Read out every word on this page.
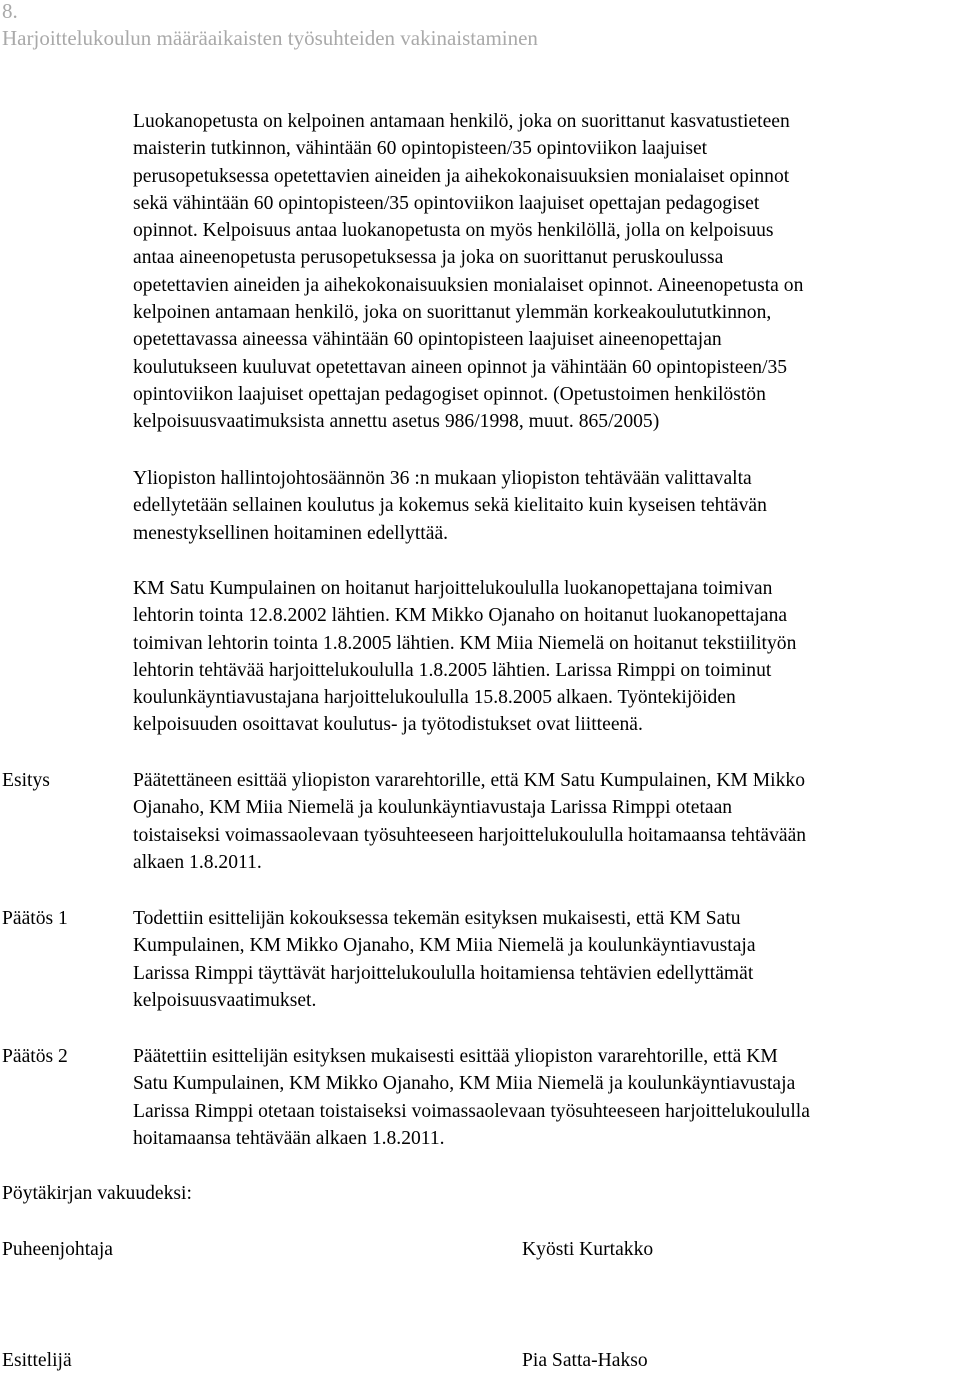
8.
Harjoittelukoulun määräaikaisten työsuhteiden vakinaistaminen
Luokanopetusta on kelpoinen antamaan henkilö, joka on suorittanut kasvatustieteen
maisterin tutkinnon, vähintään 60 opintopisteen/35 opintoviikon laajuiset
perusopetuksessa opetettavien aineiden ja aihekokonaisuuksien monialaiset opinnot
sekä vähintään 60 opintopisteen/35 opintoviikon laajuiset opettajan pedagogiset
opinnot. Kelpoisuus antaa luokanopetusta on myös henkilöllä, jolla on kelpoisuus
antaa aineenopetusta perusopetuksessa ja joka on suorittanut peruskoulussa
opetettavien aineiden ja aihekokonaisuuksien monialaiset opinnot. Aineenopetusta on
kelpoinen antamaan henkilö, joka on suorittanut ylemmän korkeakoulututkinnon,
opetettavassa aineessa vähintään 60 opintopisteen laajuiset aineenopettajan
koulutukseen kuuluvat opetettavan aineen opinnot ja vähintään 60 opintopisteen/35
opintoviikon laajuiset opettajan pedagogiset opinnot. (Opetustoimen henkilöstön
kelpoisuusvaatimuksista annettu asetus 986/1998, muut. 865/2005)
Yliopiston hallintojohtosäännön 36 :n mukaan yliopiston tehtävään valittavalta
edellytetään sellainen koulutus ja kokemus sekä kielitaito kuin kyseisen tehtävän
menestyksellinen hoitaminen edellyttää.
KM Satu Kumpulainen on hoitanut harjoittelukoululla luokanopettajana toimivan
lehtorin tointa 12.8.2002 lähtien. KM Mikko Ojanaho on hoitanut luokanopettajana
toimivan lehtorin tointa 1.8.2005 lähtien. KM Miia Niemelä on hoitanut tekstiilityön
lehtorin tehtävää harjoittelukoululla 1.8.2005 lähtien. Larissa Rimppi on toiminut
koulunkäyntiavustajana harjoittelukoululla 15.8.2005 alkaen. Työntekijöiden
kelpoisuuden osoittavat koulutus- ja työtodistukset ovat liitteenä.
Esitys	Päätettäneen esittää yliopiston vararehtorille, että KM Satu Kumpulainen, KM Mikko
Ojanaho, KM Miia Niemelä ja koulunkäyntiavustaja Larissa Rimppi otetaan
toistaiseksi voimassaolevaan työsuhteeseen harjoittelukoululla hoitamaansa tehtävään
alkaen 1.8.2011.
Päätös 1	Todettiin esittelijän kokouksessa tekemän esityksen mukaisesti, että KM Satu
Kumpulainen, KM Mikko Ojanaho, KM Miia Niemelä ja koulunkäyntiavustaja
Larissa Rimppi täyttävät harjoittelukoululla hoitamiensa tehtävien edellyttämät
kelpoisuusvaatimukset.
Päätös 2	Päätettiin esittelijän esityksen mukaisesti esittää yliopiston vararehtorille, että KM
Satu Kumpulainen, KM Mikko Ojanaho, KM Miia Niemelä ja koulunkäyntiavustaja
Larissa Rimppi otetaan toistaiseksi voimassaolevaan työsuhteeseen harjoittelukoululla
hoitamaansa tehtävään alkaen 1.8.2011.
Pöytäkirjan vakuudeksi:
Puheenjohtaja	Kyösti Kurtakko
Esittelijä	Pia Satta-Hakso
